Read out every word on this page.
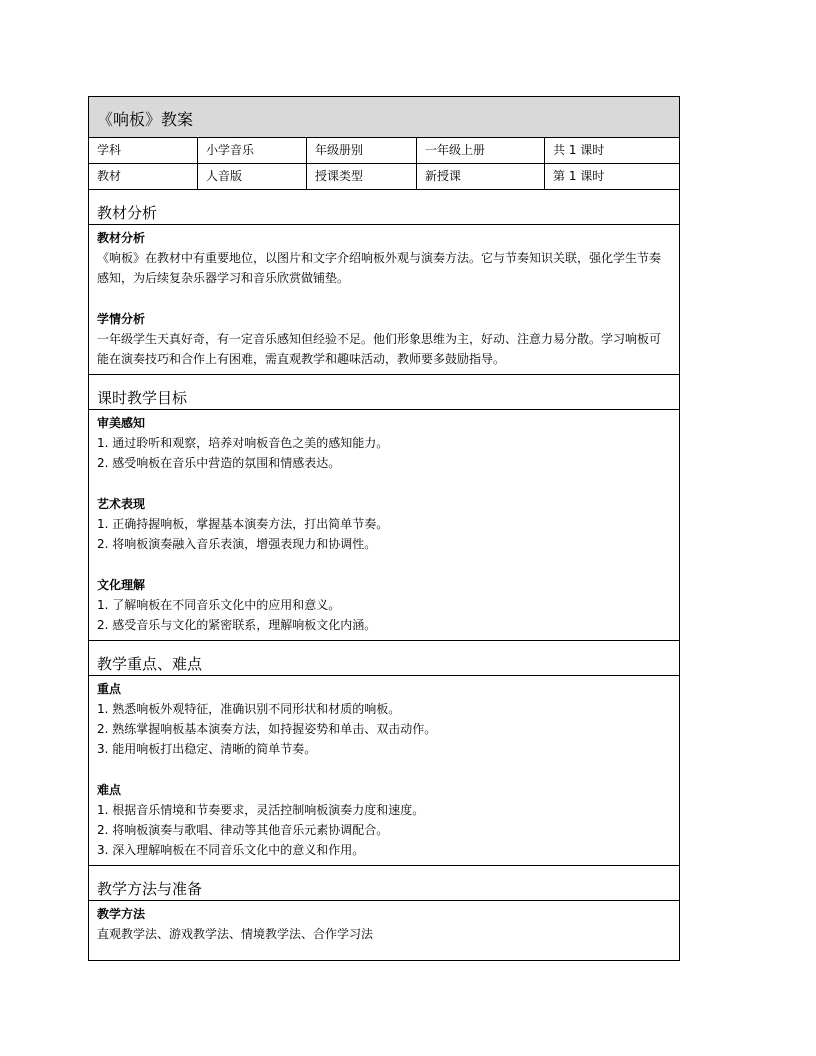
《响板》教案
学科	小学音乐	年级册别	一年级上册	共 1 课时
教材	人音版	授课类型	新授课	第 1 课时
教材分析
教材分析

《响板》在教材中有重要地位，以图片和文字介绍响板外观与演奏方法。它与节奏知识关联，强化学生节奏感知，为后续复杂乐器学习和音乐欣赏做铺垫。

学情分析

一年级学生天真好奇，有一定音乐感知但经验不足。他们形象思维为主，好动、注意力易分散。学习响板可能在演奏技巧和合作上有困难，需直观教学和趣味活动，教师要多鼓励指导。

课时教学目标
审美感知
1. 通过聆听和观察，培养对响板音色之美的感知能力。
2. 感受响板在音乐中营造的氛围和情感表达。
艺术表现
1. 正确持握响板，掌握基本演奏方法，打出简单节奏。
2. 将响板演奏融入音乐表演，增强表现力和协调性。
文化理解
1. 了解响板在不同音乐文化中的应用和意义。
2. 感受音乐与文化的紧密联系，理解响板文化内涵。
教学重点、难点
重点
1. 熟悉响板外观特征，准确识别不同形状和材质的响板。
2. 熟练掌握响板基本演奏方法，如持握姿势和单击、双击动作。
3. 能用响板打出稳定、清晰的简单节奏。
难点
1. 根据音乐情境和节奏要求，灵活控制响板演奏力度和速度。
2. 将响板演奏与歌唱、律动等其他音乐元素协调配合。
3. 深入理解响板在不同音乐文化中的意义和作用。
教学方法与准备
教学方法

直观教学法、游戏教学法、情境教学法、合作学习法
